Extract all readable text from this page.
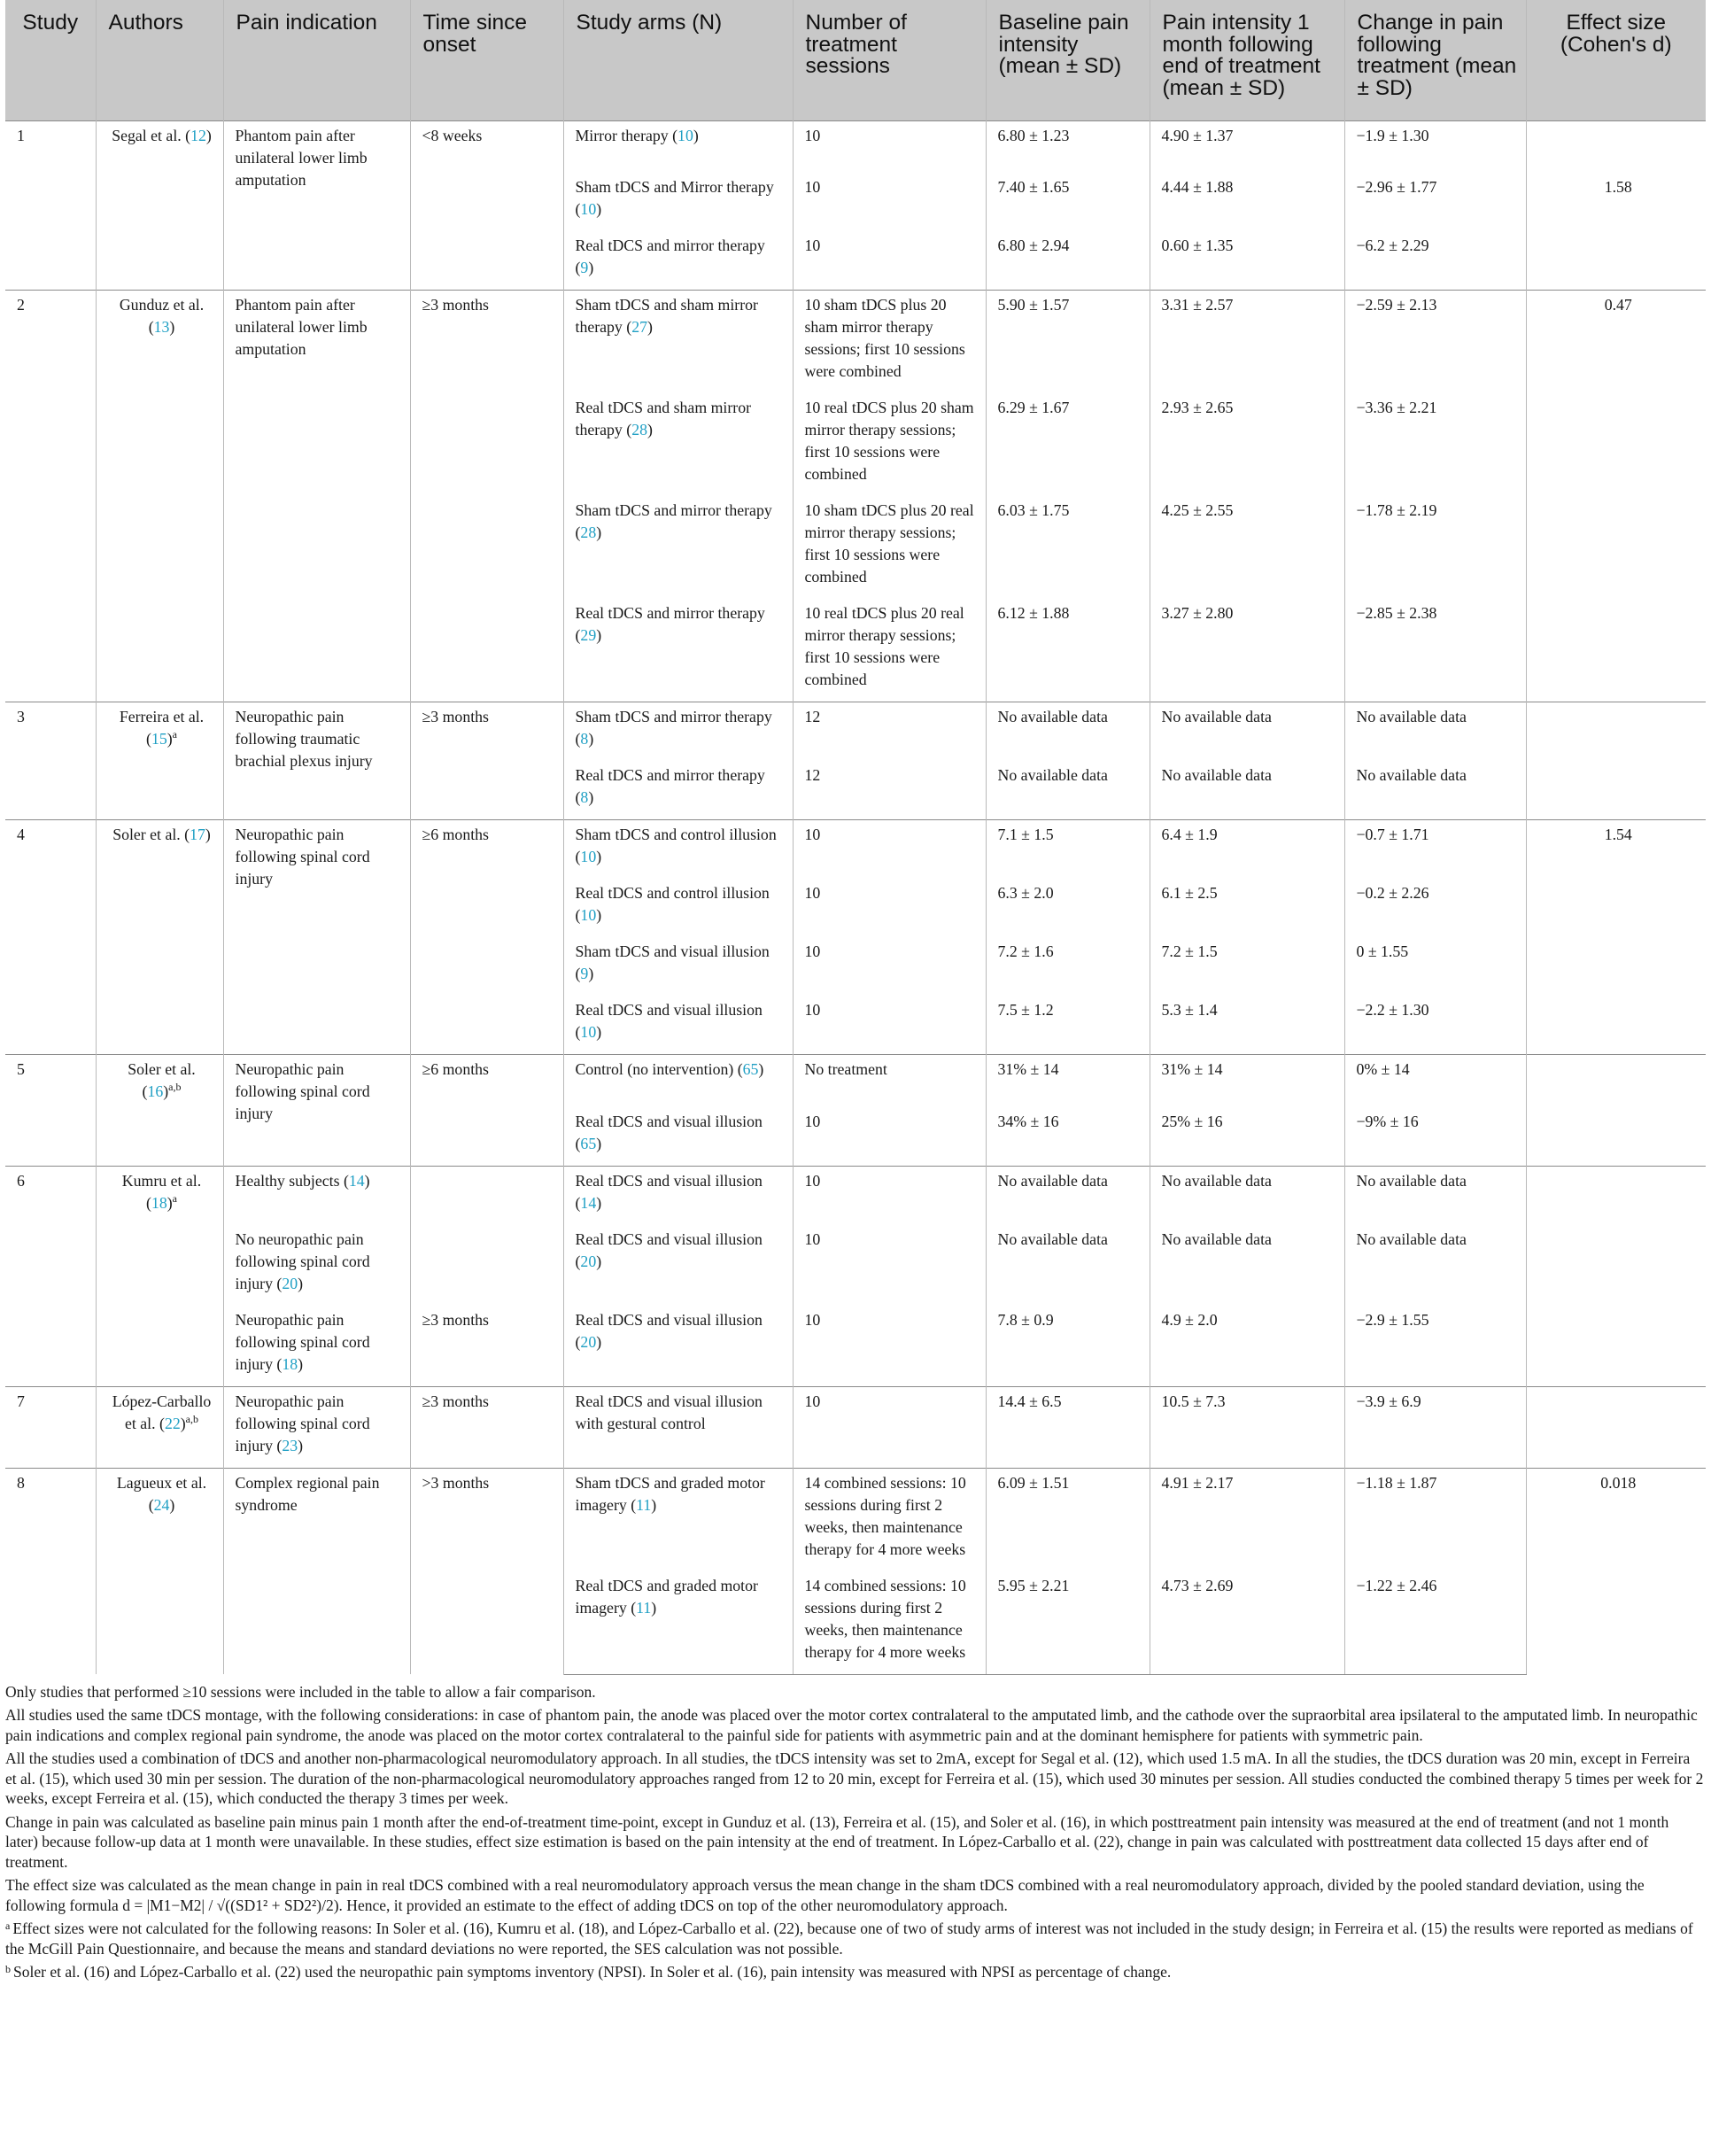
Study	Authors	Pain indication	Time since onset	Study arms (N)	Number of treatment sessions	Baseline pain intensity (mean ± SD)	Pain intensity 1 month following end of treatment (mean ± SD)	Change in pain following treatment (mean ± SD)	Effect size (Cohen's d)
1	Segal et al. (12)	Phantom pain after unilateral lower limb amputation	<8 weeks	Mirror therapy (10)	10	6.80 ± 1.23	4.90 ± 1.37	−1.9 ± 1.30	
				Sham tDCS and Mirror therapy (10)	10	7.40 ± 1.65	4.44 ± 1.88	−2.96 ± 1.77	1.58
				Real tDCS and mirror therapy (9)	10	6.80 ± 2.94	0.60 ± 1.35	−6.2 ± 2.29	
2	Gunduz et al. (13)	Phantom pain after unilateral lower limb amputation	≥3 months	Sham tDCS and sham mirror therapy (27)	10 sham tDCS plus 20 sham mirror therapy sessions; first 10 sessions were combined	5.90 ± 1.57	3.31 ± 2.57	−2.59 ± 2.13	0.47
				Real tDCS and sham mirror therapy (28)	10 real tDCS plus 20 sham mirror therapy sessions; first 10 sessions were combined	6.29 ± 1.67	2.93 ± 2.65	−3.36 ± 2.21	
				Sham tDCS and mirror therapy (28)	10 sham tDCS plus 20 real mirror therapy sessions; first 10 sessions were combined	6.03 ± 1.75	4.25 ± 2.55	−1.78 ± 2.19	
				Real tDCS and mirror therapy (29)	10 real tDCS plus 20 real mirror therapy sessions; first 10 sessions were combined	6.12 ± 1.88	3.27 ± 2.80	−2.85 ± 2.38	
3	Ferreira et al. $(15)^a$	Neuropathic pain following traumatic brachial plexus injury	≥3 months	Sham tDCS and mirror therapy (8)	12	No available data	No available data	No available data	
				Real tDCS and mirror therapy (8)	12	No available data	No available data	No available data	
4	Soler et al. (17)	Neuropathic pain following spinal cord injury	≥6 months	Sham tDCS and control illusion (10)	10	7.1 ± 1.5	6.4 ± 1.9	−0.7 ± 1.71	1.54
				Real tDCS and control illusion (10)	10	6.3 ± 2.0	6.1 ± 2.5	−0.2 ± 2.26	
				Sham tDCS and visual illusion (9)	10	7.2 ± 1.6	7.2 ± 1.5	0 ± 1.55	
				Real tDCS and visual illusion (10)	10	7.5 ± 1.2	5.3 ± 1.4	−2.2 ± 1.30	
5	Soler et al. $(16)^{a,b}$	Neuropathic pain following spinal cord injury	≥6 months	Control (no intervention) (65)	No treatment	31% ± 14	31% ± 14	0% ± 14	
				Real tDCS and visual illusion (65)	10	34% ± 16	25% ± 16	−9% ± 16	
6	Kumru et al. $(18)^a$	Healthy subjects (14)		Real tDCS and visual illusion (14)	10	No available data	No available data	No available data	
		No neuropathic pain following spinal cord injury (20)		Real tDCS and visual illusion (20)	10	No available data	No available data	No available data	
		Neuropathic pain following spinal cord injury (18)	≥3 months	Real tDCS and visual illusion (20)	10	7.8 ± 0.9	4.9 ± 2.0	−2.9 ± 1.55	
7	López-Carballo et al. $(22)^{a,b}$	Neuropathic pain following spinal cord injury (23)	≥3 months	Real tDCS and visual illusion with gestural control	10	14.4 ± 6.5	10.5 ± 7.3	−3.9 ± 6.9	
8	Lagueux et al. (24)	Complex regional pain syndrome	>3 months	Sham tDCS and graded motor imagery (11)	14 combined sessions: 10 sessions during first 2 weeks, then maintenance therapy for 4 more weeks	6.09 ± 1.51	4.91 ± 2.17	−1.18 ± 1.87	0.018
				Real tDCS and graded motor imagery (11)	14 combined sessions: 10 sessions during first 2 weeks, then maintenance therapy for 4 more weeks	5.95 ± 2.21	4.73 ± 2.69	−1.22 ± 2.46	

Only studies that performed ≥10 sessions were included in the table to allow a fair comparison.

All studies used the same tDCS montage, with the following considerations: in case of phantom pain, the anode was placed over the motor cortex contralateral to the amputated limb, and the cathode over the supraorbital area ipsilateral to the amputated limb. In neuropathic pain indications and complex regional pain syndrome, the anode was placed on the motor cortex contralateral to the painful side for patients with asymmetric pain and at the dominant hemisphere for patients with symmetric pain.

All the studies used a combination of tDCS and another non-pharmacological neuromodulatory approach. In all studies, the tDCS intensity was set to 2mA, except for Segal et al. (12), which used 1.5 mA. In all the studies, the tDCS duration was 20 min, except in Ferreira et al. (15), which used 30 min per session. The duration of the non-pharmacological neuromodulatory approaches ranged from 12 to 20 min, except for Ferreira et al. (15), which used 30 minutes per session. All studies conducted the combined therapy 5 times per week for 2 weeks, except Ferreira et al. (15), which conducted the therapy 3 times per week.

Change in pain was calculated as baseline pain minus pain 1 month after the end-of-treatment time-point, except in Gunduz et al. (13), Ferreira et al. (15), and Soler et al. (16), in which posttreatment pain intensity was measured at the end of treatment (and not 1 month later) because follow-up data at 1 month were unavailable. In these studies, effect size estimation is based on the pain intensity at the end of treatment. In López-Carballo et al. (22), change in pain was calculated with posttreatment data collected 15 days after end of treatment.

The effect size was calculated as the mean change in pain in real tDCS combined with a real neuromodulatory approach versus the mean change in the sham tDCS combined with a real neuromodulatory approach, divided by the pooled standard deviation, using the following formula d = |M1−M2| / √((SD1² + SD2²)/2). Hence, it provided an estimate to the effect of adding tDCS on top of the other neuromodulatory approach.

$^a$ Effect sizes were not calculated for the following reasons: In Soler et al. (16), Kumru et al. (18), and López-Carballo et al. (22), because one of two of study arms of interest was not included in the study design; in Ferreira et al. (15) the results were reported as medians of the McGill Pain Questionnaire, and because the means and standard deviations no were reported, the SES calculation was not possible.

$^b$ Soler et al. (16) and López-Carballo et al. (22) used the neuropathic pain symptoms inventory (NPSI). In Soler et al. (16), pain intensity was measured with NPSI as percentage of change.
